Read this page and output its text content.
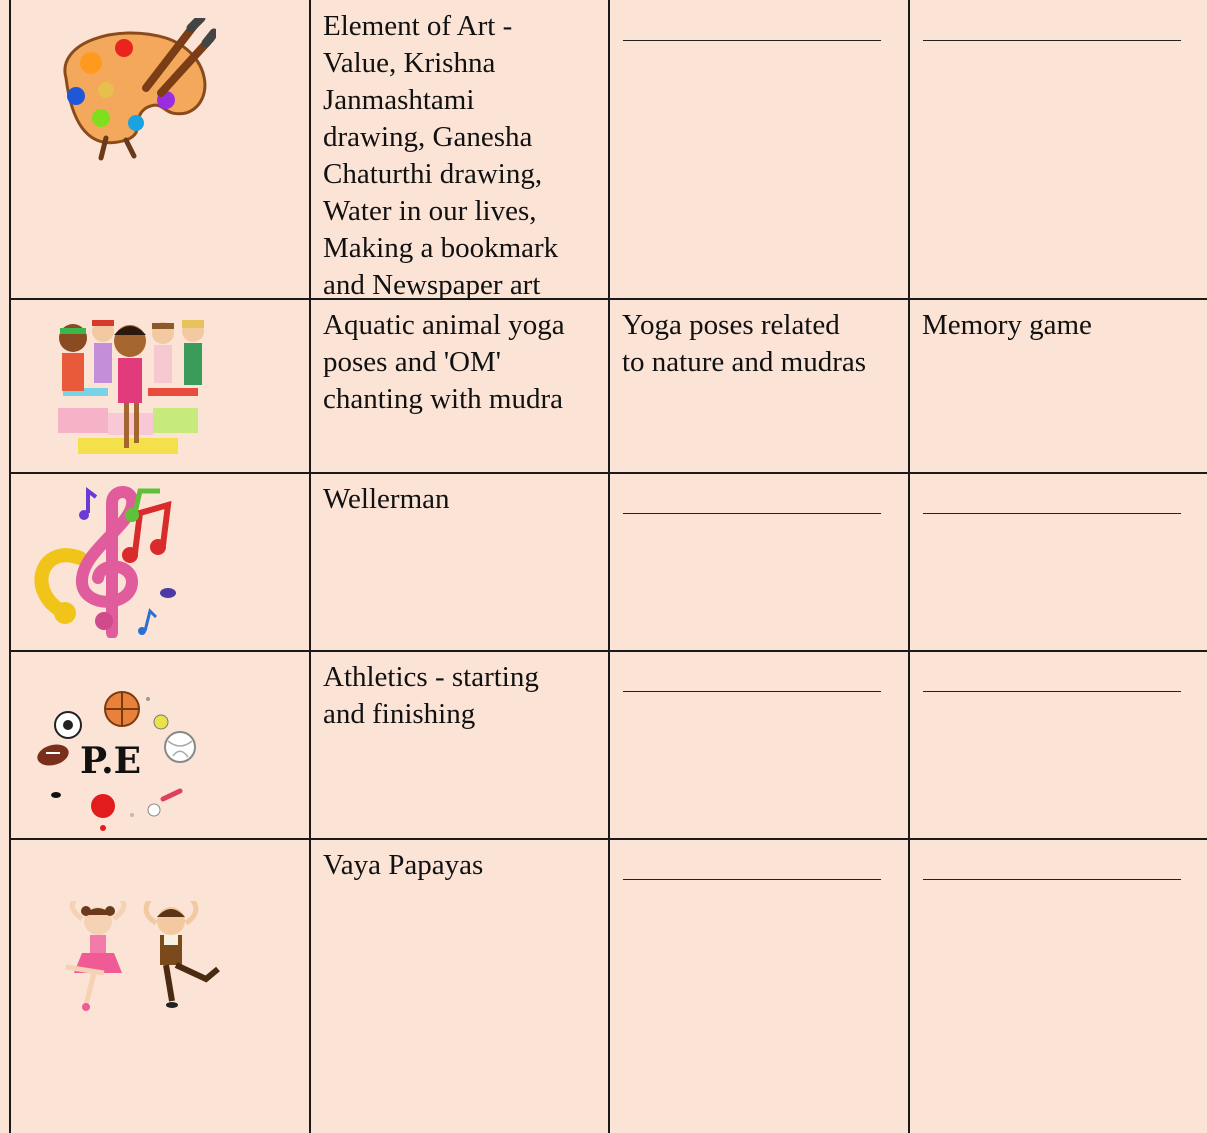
Element of Art -
Value, Krishna
Janmashtami
drawing, Ganesha
Chaturthi drawing,
Water in our lives,
Making a bookmark
and Newspaper art
Aquatic animal yoga
poses and 'OM'
chanting with mudra
Yoga poses related
to nature and mudras
Memory game
Wellerman
P.E
Athletics - starting
and finishing
Vaya Papayas
